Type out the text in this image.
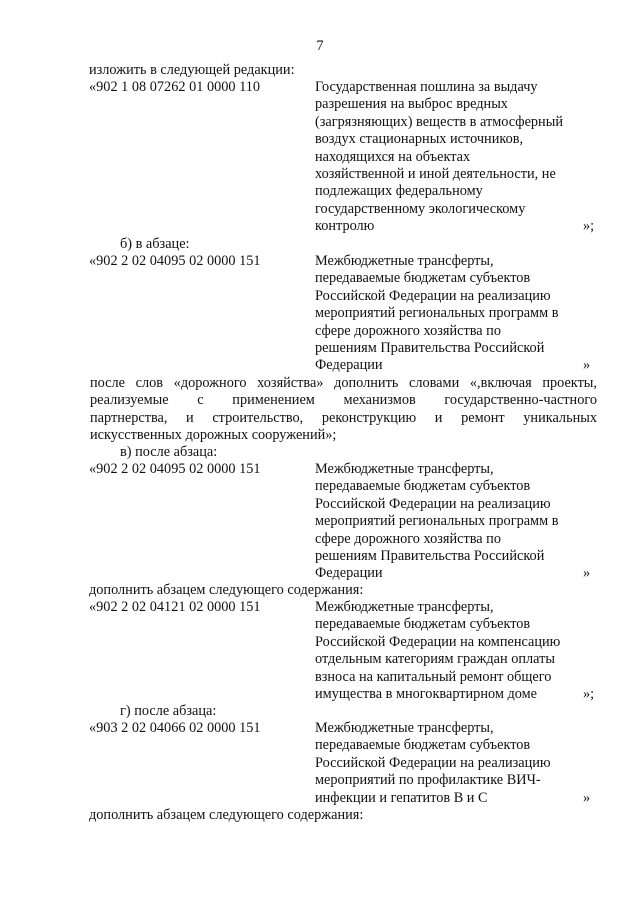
7
изложить в следующей редакции:
«902 1 08 07262 01 0000 110	Государственная пошлина за выдачу
разрешения на выброс вредных
(загрязняющих) веществ в атмосферный
воздух стационарных источников,
находящихся на объектах
хозяйственной и иной деятельности, не
подлежащих федеральному
государственному экологическому
контролю	»;
б) в абзаце:
«902 2 02 04095 02 0000 151	Межбюджетные трансферты,
передаваемые бюджетам субъектов
Российской Федерации на реализацию
мероприятий региональных программ в
сфере дорожного хозяйства по
решениям Правительства Российской
Федерации	»
после слов «дорожного хозяйства» дополнить словами «,включая проекты,
реализуемые с применением механизмов государственно-частного
партнерства, и строительство, реконструкцию и ремонт уникальных
искусственных дорожных сооружений»;
в) после абзаца:
«902 2 02 04095 02 0000 151	Межбюджетные трансферты,
передаваемые бюджетам субъектов
Российской Федерации на реализацию
мероприятий региональных программ в
сфере дорожного хозяйства по
решениям Правительства Российской
Федерации	»
дополнить абзацем следующего содержания:
«902 2 02 04121 02 0000 151	Межбюджетные трансферты,
передаваемые бюджетам субъектов
Российской Федерации на компенсацию
отдельным категориям граждан оплаты
взноса на капитальный ремонт общего
имущества в многоквартирном доме	»;
г) после абзаца:
«903 2 02 04066 02 0000 151	Межбюджетные трансферты,
передаваемые бюджетам субъектов
Российской Федерации на реализацию
мероприятий по профилактике ВИЧ-
инфекции и гепатитов В и С	»
дополнить абзацем следующего содержания:
